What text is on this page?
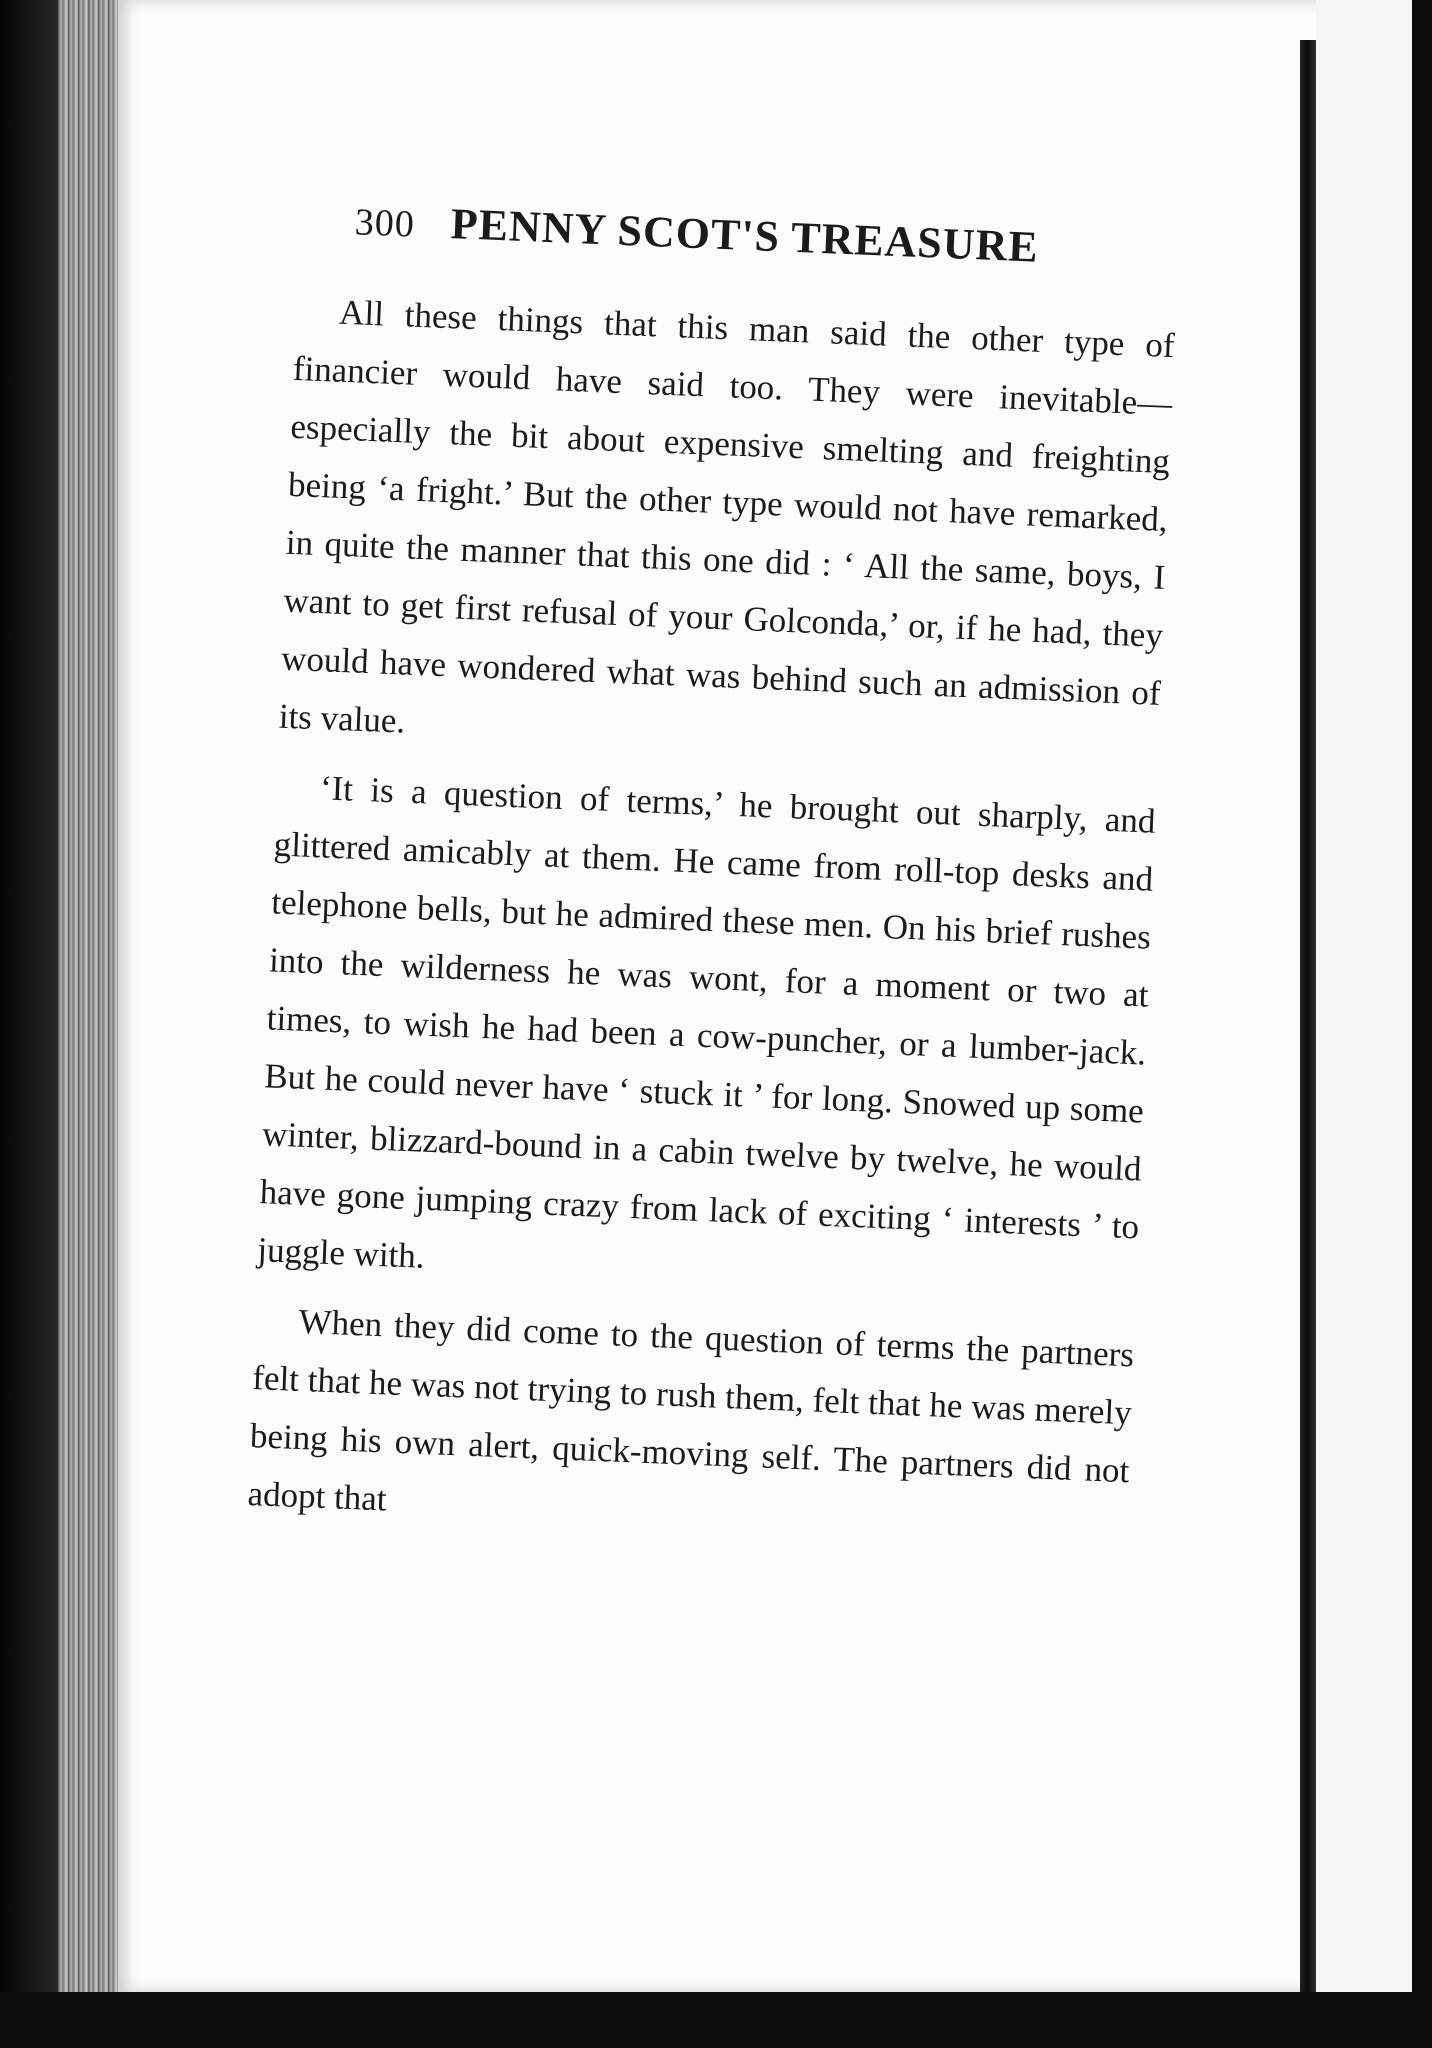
300 PENNY SCOT'S TREASURE

All these things that this man said the other type of financier would have said too. They were inevitable—especially the bit about expensive smelting and freighting being ‘a fright.’ But the other type would not have remarked, in quite the manner that this one did : ‘ All the same, boys, I want to get first refusal of your Golconda,’ or, if he had, they would have wondered what was behind such an admission of its value.

‘It is a question of terms,’ he brought out sharply, and glittered amicably at them. He came from roll-top desks and telephone bells, but he admired these men. On his brief rushes into the wilderness he was wont, for a moment or two at times, to wish he had been a cow-puncher, or a lumber-jack. But he could never have ‘ stuck it ’ for long. Snowed up some winter, blizzard-bound in a cabin twelve by twelve, he would have gone jumping crazy from lack of exciting ‘ interests ’ to juggle with.

When they did come to the question of terms the partners felt that he was not trying to rush them, felt that he was merely being his own alert, quick-moving self. The partners did not adopt that
